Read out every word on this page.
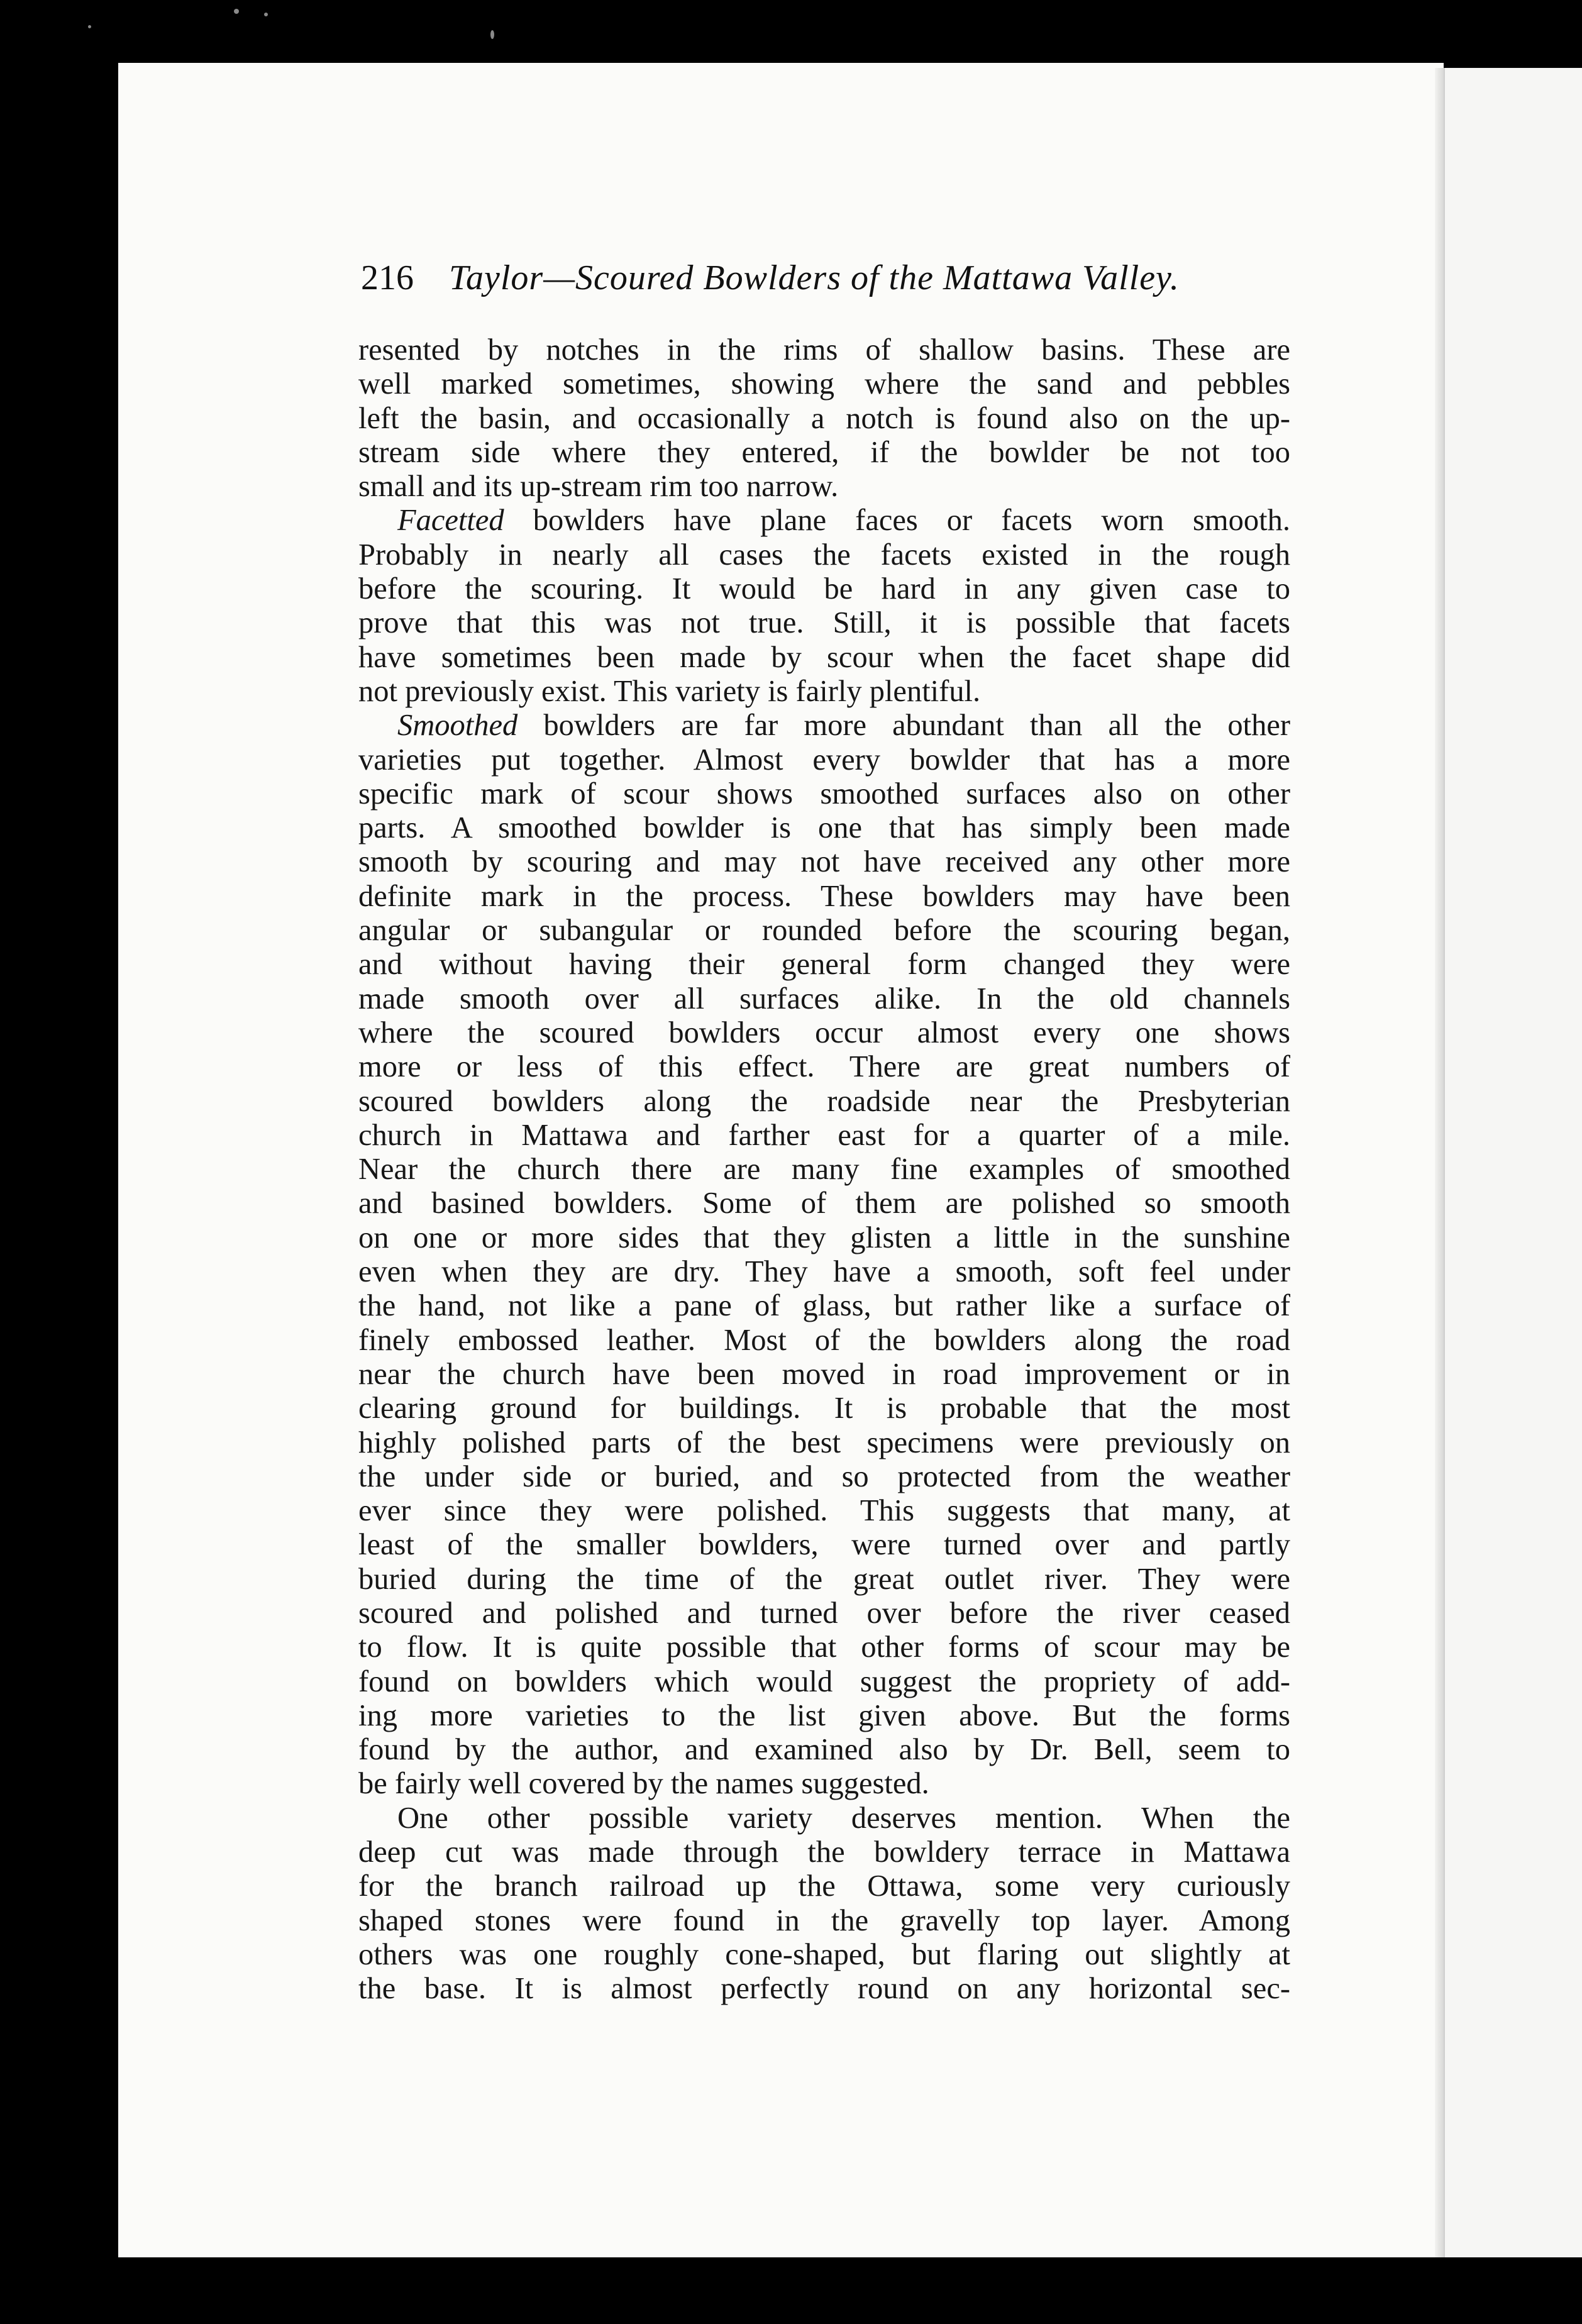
216 Taylor—Scoured Bowlders of the Mattawa Valley.
resented by notches in the rims of shallow basins. These are
well marked sometimes, showing where the sand and pebbles
left the basin, and occasionally a notch is found also on the up-
stream side where they entered, if the bowlder be not too
small and its up-stream rim too narrow.
Facetted bowlders have plane faces or facets worn smooth.
Probably in nearly all cases the facets existed in the rough
before the scouring. It would be hard in any given case to
prove that this was not true. Still, it is possible that facets
have sometimes been made by scour when the facet shape did
not previously exist. This variety is fairly plentiful.
Smoothed bowlders are far more abundant than all the other
varieties put together. Almost every bowlder that has a more
specific mark of scour shows smoothed surfaces also on other
parts. A smoothed bowlder is one that has simply been made
smooth by scouring and may not have received any other more
definite mark in the process. These bowlders may have been
angular or subangular or rounded before the scouring began,
and without having their general form changed they were
made smooth over all surfaces alike. In the old channels
where the scoured bowlders occur almost every one shows
more or less of this effect. There are great numbers of
scoured bowlders along the roadside near the Presbyterian
church in Mattawa and farther east for a quarter of a mile.
Near the church there are many fine examples of smoothed
and basined bowlders. Some of them are polished so smooth
on one or more sides that they glisten a little in the sunshine
even when they are dry. They have a smooth, soft feel under
the hand, not like a pane of glass, but rather like a surface of
finely embossed leather. Most of the bowlders along the road
near the church have been moved in road improvement or in
clearing ground for buildings. It is probable that the most
highly polished parts of the best specimens were previously on
the under side or buried, and so protected from the weather
ever since they were polished. This suggests that many, at
least of the smaller bowlders, were turned over and partly
buried during the time of the great outlet river. They were
scoured and polished and turned over before the river ceased
to flow. It is quite possible that other forms of scour may be
found on bowlders which would suggest the propriety of add-
ing more varieties to the list given above. But the forms
found by the author, and examined also by Dr. Bell, seem to
be fairly well covered by the names suggested.
One other possible variety deserves mention. When the
deep cut was made through the bowldery terrace in Mattawa
for the branch railroad up the Ottawa, some very curiously
shaped stones were found in the gravelly top layer. Among
others was one roughly cone-shaped, but flaring out slightly at
the base. It is almost perfectly round on any horizontal sec-
